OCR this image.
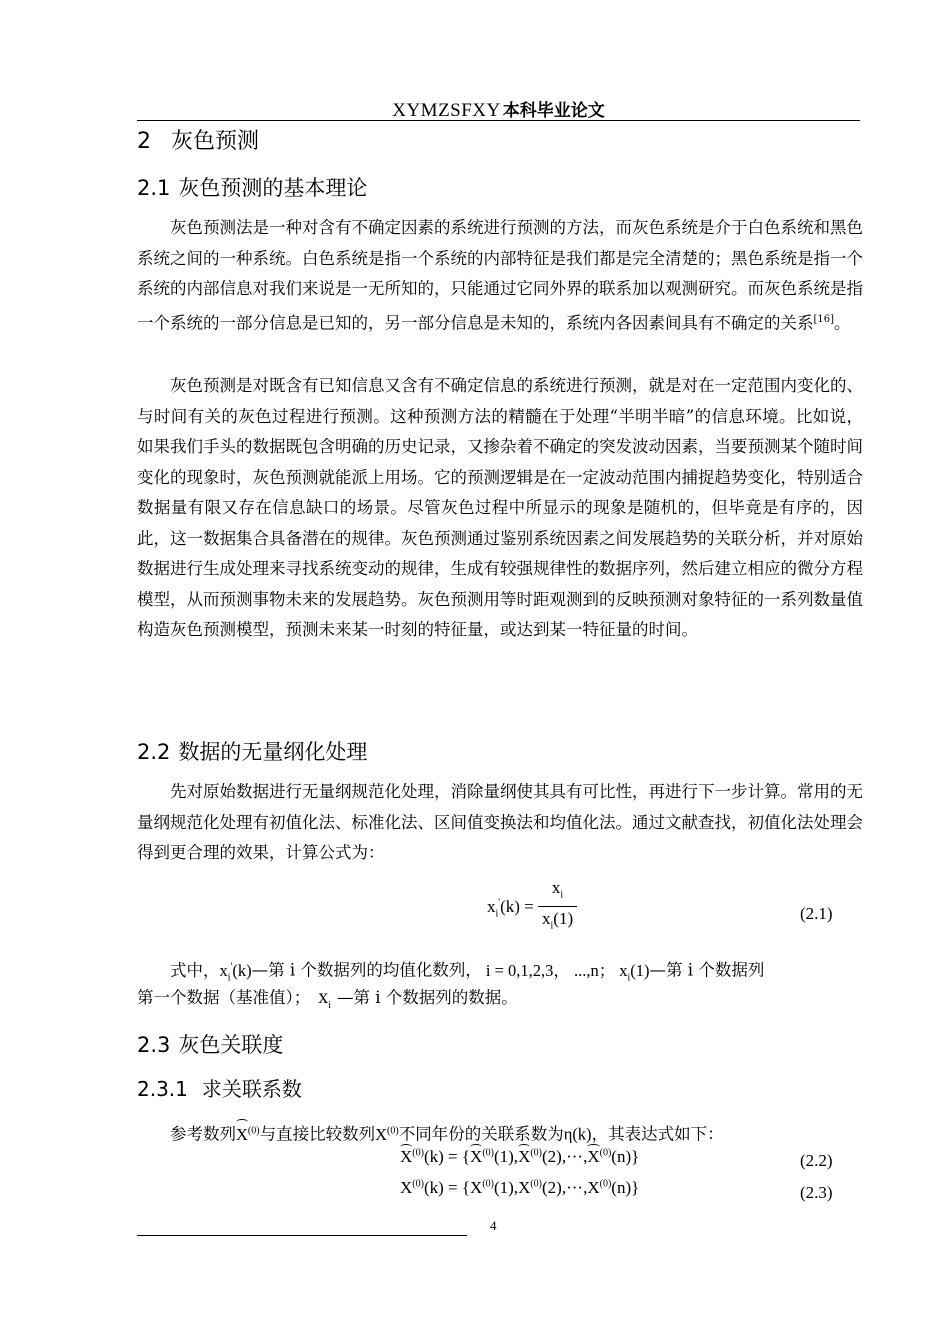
XYMZSFXY 本科毕业论文
2 灰色预测
2.1 灰色预测的基本理论

灰色预测法是一种对含有不确定因素的系统进行预测的方法，而灰色系统是介于白色系统和黑色系统之间的一种系统。白色系统是指一个系统的内部特征是我们都是完全清楚的；黑色系统是指一个系统的内部信息对我们来说是一无所知的，只能通过它同外界的联系加以观测研究。而灰色系统是指一个系统的一部分信息是已知的，另一部分信息是未知的，系统内各因素间具有不确定的关系[16]。

灰色预测是对既含有已知信息又含有不确定信息的系统进行预测，就是对在一定范围内变化的、与时间有关的灰色过程进行预测。这种预测方法的精髓在于处理“半明半暗”的信息环境。比如说，如果我们手头的数据既包含明确的历史记录，又掺杂着不确定的突发波动因素，当要预测某个随时间变化的现象时，灰色预测就能派上用场。它的预测逻辑是在一定波动范围内捕捉趋势变化，特别适合数据量有限又存在信息缺口的场景。尽管灰色过程中所显示的现象是随机的，但毕竟是有序的，因此，这一数据集合具备潜在的规律。灰色预测通过鉴别系统因素之间发展趋势的关联分析，并对原始数据进行生成处理来寻找系统变动的规律，生成有较强规律性的数据序列，然后建立相应的微分方程模型，从而预测事物未来的发展趋势。灰色预测用等时距观测到的反映预测对象特征的一系列数量值构造灰色预测模型，预测未来某一时刻的特征量，或达到某一特征量的时间。

2.2 数据的无量纲化处理

先对原始数据进行无量纲规范化处理，消除量纲使其具有可比性，再进行下一步计算。常用的无量纲规范化处理有初值化法、标准化法、区间值变换法和均值化法。通过文献查找，初值化法处理会得到更合理的效果，计算公式为：

$x_i'(k) = \frac{x_i}{x_i(1)}$	(2.1)
式中，$x_i'(k)—$第 i 个数据列的均值化数列， i = 0,1,2,3， ...,n； $x_i(1)—$第 i 个数据列
第一个数据（基准值）； $x_i$ —第 i 个数据列的数据。
2.3 灰色关联度
2.3.1 求关联系数
参考数列$X^{(0)}$与直接比较数列$X^{(0)}$不同年份的关联系数为η(k)，其表达式如下：
$X^{(0)}(k) = \{X^{(0)}(1),X^{(0)}(2),\cdot\cdot\cdot,X^{(0)}(n)\}$	(2.2)
$X^{(0)}(k) = \{X^{(0)}(1),X^{(0)}(2),\cdot\cdot\cdot,X^{(0)}(n)\}$	(2.3)
4
